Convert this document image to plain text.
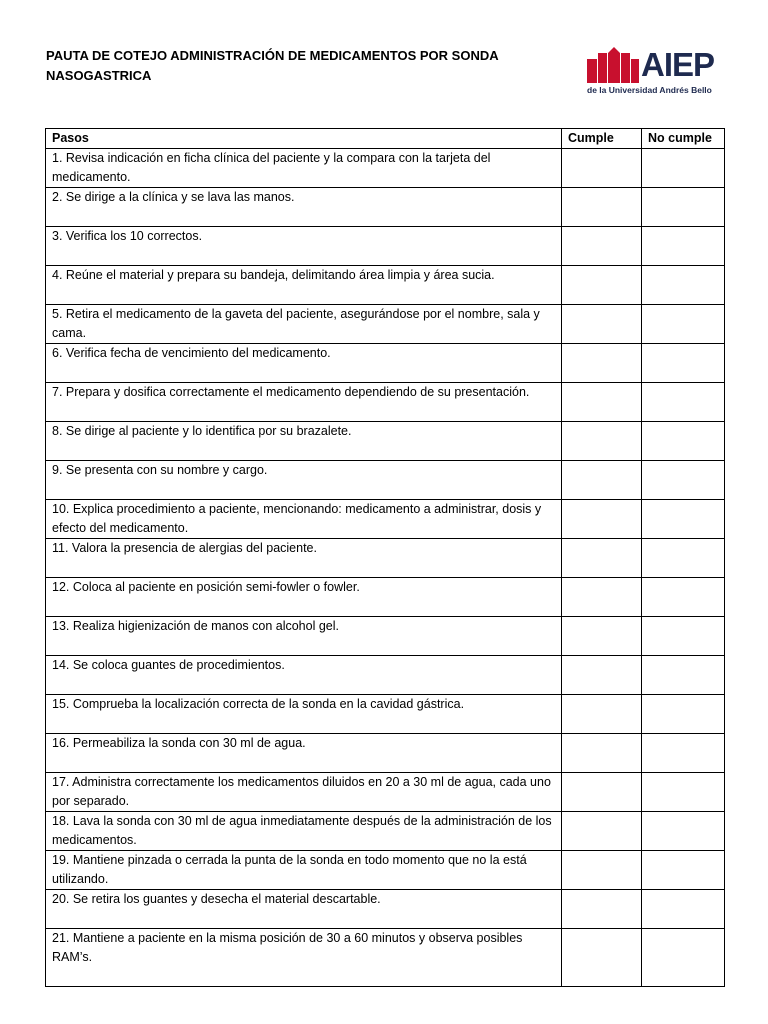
PAUTA DE COTEJO ADMINISTRACIÓN DE MEDICAMENTOS POR SONDA
NASOGASTRICA	AIEP
de la Universidad Andrés Bello
Pasos	Cumple	No cumple
1. Revisa indicación en ficha clínica del paciente y la compara con la tarjeta del medicamento.		
2. Se dirige a la clínica y se lava las manos.		
3. Verifica los 10 correctos.		
4. Reúne el material y prepara su bandeja, delimitando área limpia y área sucia.		
5. Retira el medicamento de la gaveta del paciente, asegurándose por el nombre, sala y cama.		
6. Verifica fecha de vencimiento del medicamento.		
7. Prepara y dosifica correctamente el medicamento dependiendo de su presentación.		
8. Se dirige al paciente y lo identifica por su brazalete.		
9. Se presenta con su nombre y cargo.		
10. Explica procedimiento a paciente, mencionando: medicamento a administrar, dosis y efecto del medicamento.		
11. Valora la presencia de alergias del paciente.		
12. Coloca al paciente en posición semi-fowler o fowler.		
13. Realiza higienización de manos con alcohol gel.		
14. Se coloca guantes de procedimientos.		
15. Comprueba la localización correcta de la sonda en la cavidad gástrica.		
16. Permeabiliza la sonda con 30 ml de agua.		
17. Administra correctamente los medicamentos diluidos en 20 a 30 ml de agua, cada uno por separado.		
18. Lava la sonda con 30 ml de agua inmediatamente después de la administración de los medicamentos.		
19. Mantiene pinzada o cerrada la punta de la sonda en todo momento que no la está utilizando.		
20. Se retira los guantes y desecha el material descartable.		
21. Mantiene a paciente en la misma posición de 30 a 60 minutos y observa posibles RAM’s.		
